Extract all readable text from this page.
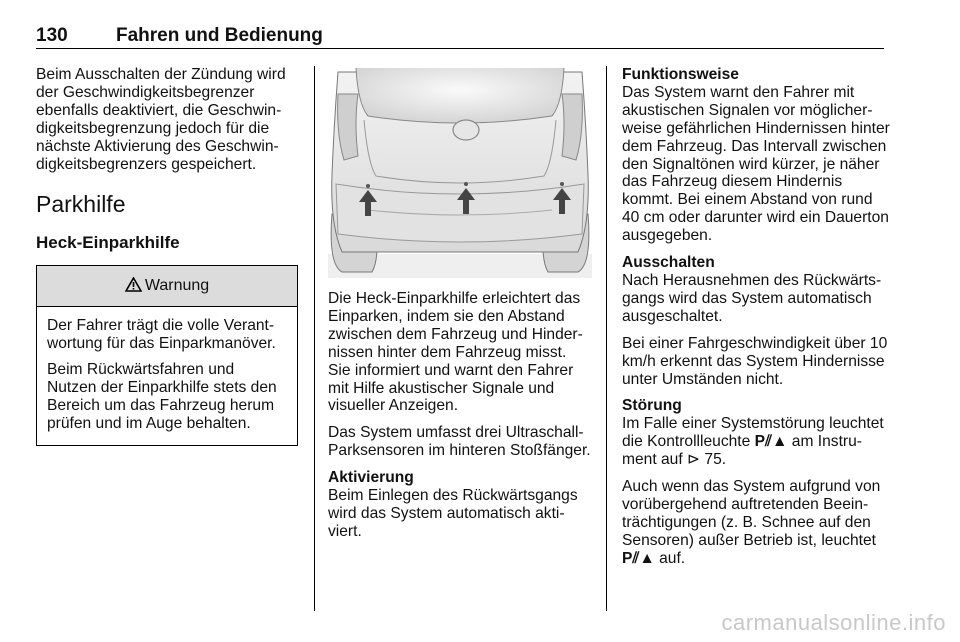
130	Fahren und Bedienung

Beim Ausschalten der Zündung wird der Geschwindigkeitsbegrenzer ebenfalls deaktiviert, die Geschwindigkeitsbegrenzung jedoch für die nächste Aktivierung des Geschwindigkeitsbegrenzers gespeichert.

Parkhilfe
Heck-Einparkhilfe
Warnung

Der Fahrer trägt die volle Verantwortung für das Einparkmanöver.

Beim Rückwärtsfahren und Nutzen der Einparkhilfe stets den Bereich um das Fahrzeug herum prüfen und im Auge behalten.

Die Heck-Einparkhilfe erleichtert das Einparken, indem sie den Abstand zwischen dem Fahrzeug und Hindernissen hinter dem Fahrzeug misst. Sie informiert und warnt den Fahrer mit Hilfe akustischer Signale und visueller Anzeigen.

Das System umfasst drei Ultraschall-Parksensoren im hinteren Stoßfänger.

Aktivierung
Beim Einlegen des Rückwärtsgangs wird das System automatisch aktiviert.

Funktionsweise
Das System warnt den Fahrer mit akustischen Signalen vor möglicherweise gefährlichen Hindernissen hinter dem Fahrzeug. Das Intervall zwischen den Signaltönen wird kürzer, je näher das Fahrzeug diesem Hindernis kommt. Bei einem Abstand von rund 40 cm oder darunter wird ein Dauerton ausgegeben.

Ausschalten
Nach Herausnehmen des Rückwärtsgangs wird das System automatisch ausgeschaltet.

Bei einer Fahrgeschwindigkeit über 10 km/h erkennt das System Hindernisse unter Umständen nicht.

Störung
Im Falle einer Systemstörung leuchtet die Kontrollleuchte P⫽▲ am Instrument auf ⊳ 75.

Auch wenn das System aufgrund von vorübergehend auftretenden Beeinträchtigungen (z. B. Schnee auf den Sensoren) außer Betrieb ist, leuchtet P⫽▲ auf.

carmanualsonline.info
